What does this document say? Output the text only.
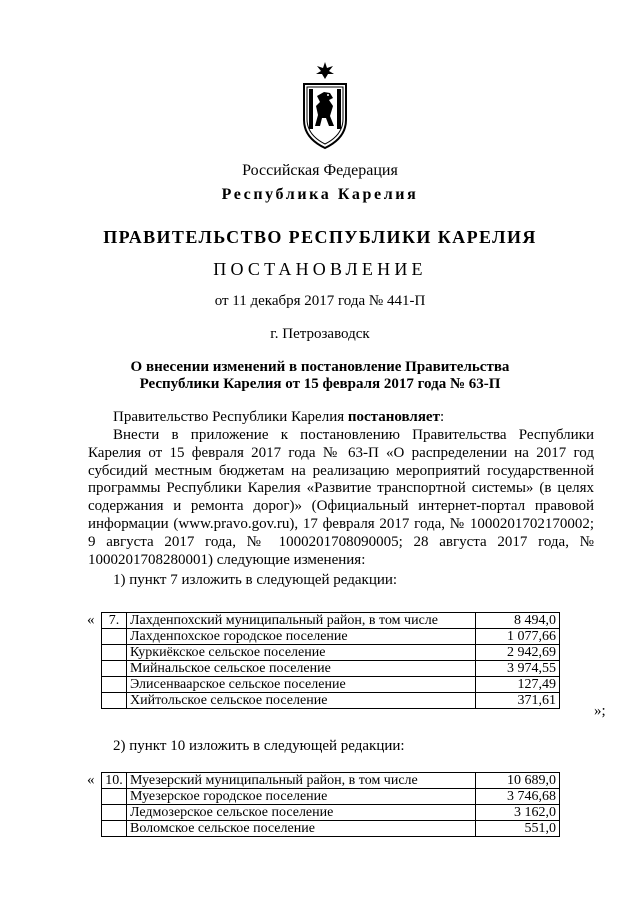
Российская Федерация
Республика Карелия
ПРАВИТЕЛЬСТВО РЕСПУБЛИКИ КАРЕЛИЯ
ПОСТАНОВЛЕНИЕ
от 11 декабря 2017 года № 441-П
г. Петрозаводск
О внесении изменений в постановление Правительства
Республики Карелия от 15 февраля 2017 года № 63-П
Правительство Республики Карелия постановляет:
Внести в приложение к постановлению Правительства Республики Карелия от 15 февраля 2017 года № 63-П «О распределении на 2017 год субсидий местным бюджетам на реализацию мероприятий государственной программы Республики Карелия «Развитие транспортной системы» (в целях содержания и ремонта дорог)» (Официальный интернет-портал правовой информации (www.pravo.gov.ru), 17 февраля 2017 года, № 1000201702170002; 9 августа 2017 года, № 1000201708090005; 28 августа 2017 года, № 1000201708280001) следующие изменения:
1) пункт 7 изложить в следующей редакции:
« 7.	Лахденпохский муниципальный район, в том числе	8 494,0
	Лахденпохское городское поселение	1 077,66
	Куркиёкское сельское поселение	2 942,69
	Мийнальское сельское поселение	3 974,55
	Элисенваарское сельское поселение	127,49
	Хийтольское сельское поселение	371,61
»;
2) пункт 10 изложить в следующей редакции:
« 10.	Муезерский муниципальный район, в том числе	10 689,0
	Муезерское городское поселение	3 746,68
	Ледмозерское сельское поселение	3 162,0
	Воломское сельское поселение	551,0
